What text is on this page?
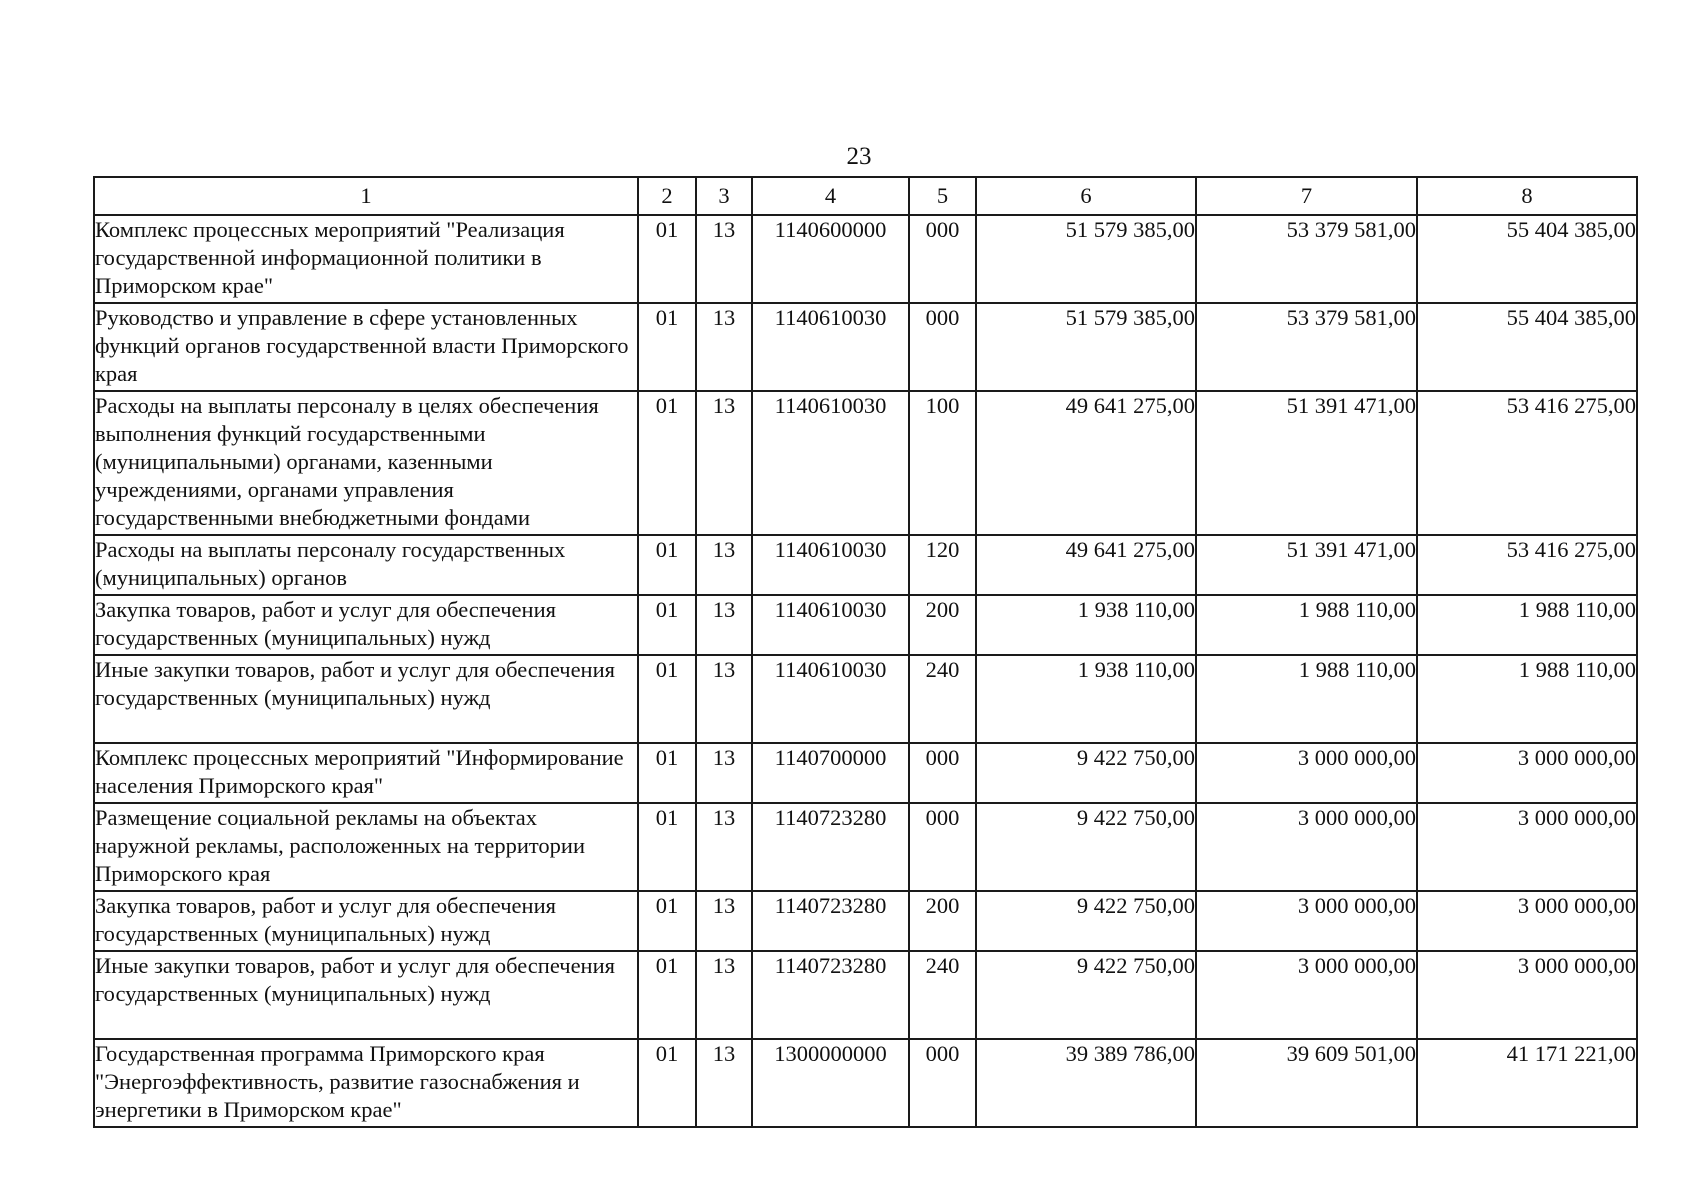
23
1	2	3	4	5	6	7	8
Комплекс процессных мероприятий "Реализация государственной информационной политики в Приморском крае"	01	13	1140600000	000	51 579 385,00	53 379 581,00	55 404 385,00
Руководство и управление в сфере установленных функций органов государственной власти Приморского края	01	13	1140610030	000	51 579 385,00	53 379 581,00	55 404 385,00
Расходы на выплаты персоналу в целях обеспечения выполнения функций государственными (муниципальными) органами, казенными учреждениями, органами управления государственными внебюджетными фондами	01	13	1140610030	100	49 641 275,00	51 391 471,00	53 416 275,00
Расходы на выплаты персоналу государственных (муниципальных) органов	01	13	1140610030	120	49 641 275,00	51 391 471,00	53 416 275,00
Закупка товаров, работ и услуг для обеспечения государственных (муниципальных) нужд	01	13	1140610030	200	1 938 110,00	1 988 110,00	1 988 110,00
Иные закупки товаров, работ и услуг для обеспечения государственных (муниципальных) нужд	01	13	1140610030	240	1 938 110,00	1 988 110,00	1 988 110,00
Комплекс процессных мероприятий "Информирование населения Приморского края"	01	13	1140700000	000	9 422 750,00	3 000 000,00	3 000 000,00
Размещение социальной рекламы на объектах наружной рекламы, расположенных на территории Приморского края	01	13	1140723280	000	9 422 750,00	3 000 000,00	3 000 000,00
Закупка товаров, работ и услуг для обеспечения государственных (муниципальных) нужд	01	13	1140723280	200	9 422 750,00	3 000 000,00	3 000 000,00
Иные закупки товаров, работ и услуг для обеспечения государственных (муниципальных) нужд	01	13	1140723280	240	9 422 750,00	3 000 000,00	3 000 000,00
Государственная программа Приморского края "Энергоэффективность, развитие газоснабжения и энергетики в Приморском крае"	01	13	1300000000	000	39 389 786,00	39 609 501,00	41 171 221,00
